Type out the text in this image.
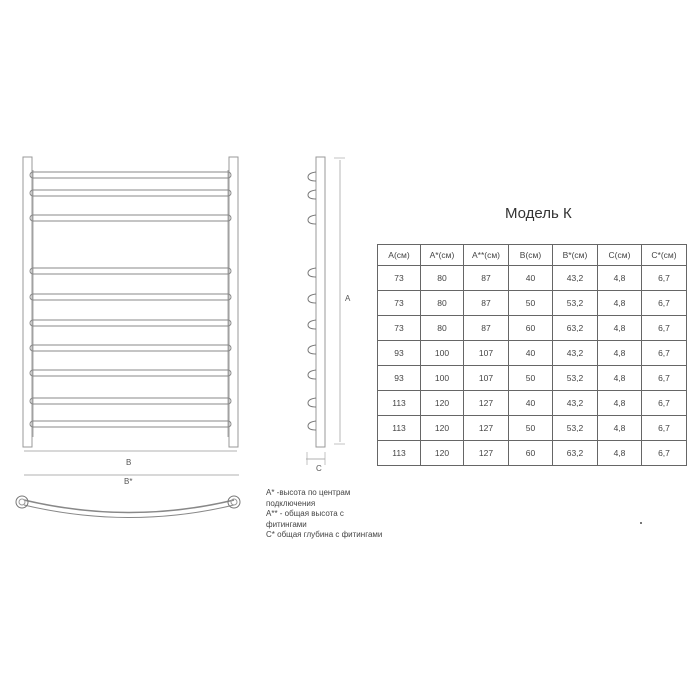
B
B*
A
C
Модель К
A(см)	A*(см)	A**(см)	B(см)	B*(см)	C(см)	C*(см)
73	80	87	40	43,2	4,8	6,7
73	80	87	50	53,2	4,8	6,7
73	80	87	60	63,2	4,8	6,7
93	100	107	40	43,2	4,8	6,7
93	100	107	50	53,2	4,8	6,7
113	120	127	40	43,2	4,8	6,7
113	120	127	50	53,2	4,8	6,7
113	120	127	60	63,2	4,8	6,7
A* -высота по центрам подключения
A** - общая высота с фитингами
C* общая глубина с фитингами
